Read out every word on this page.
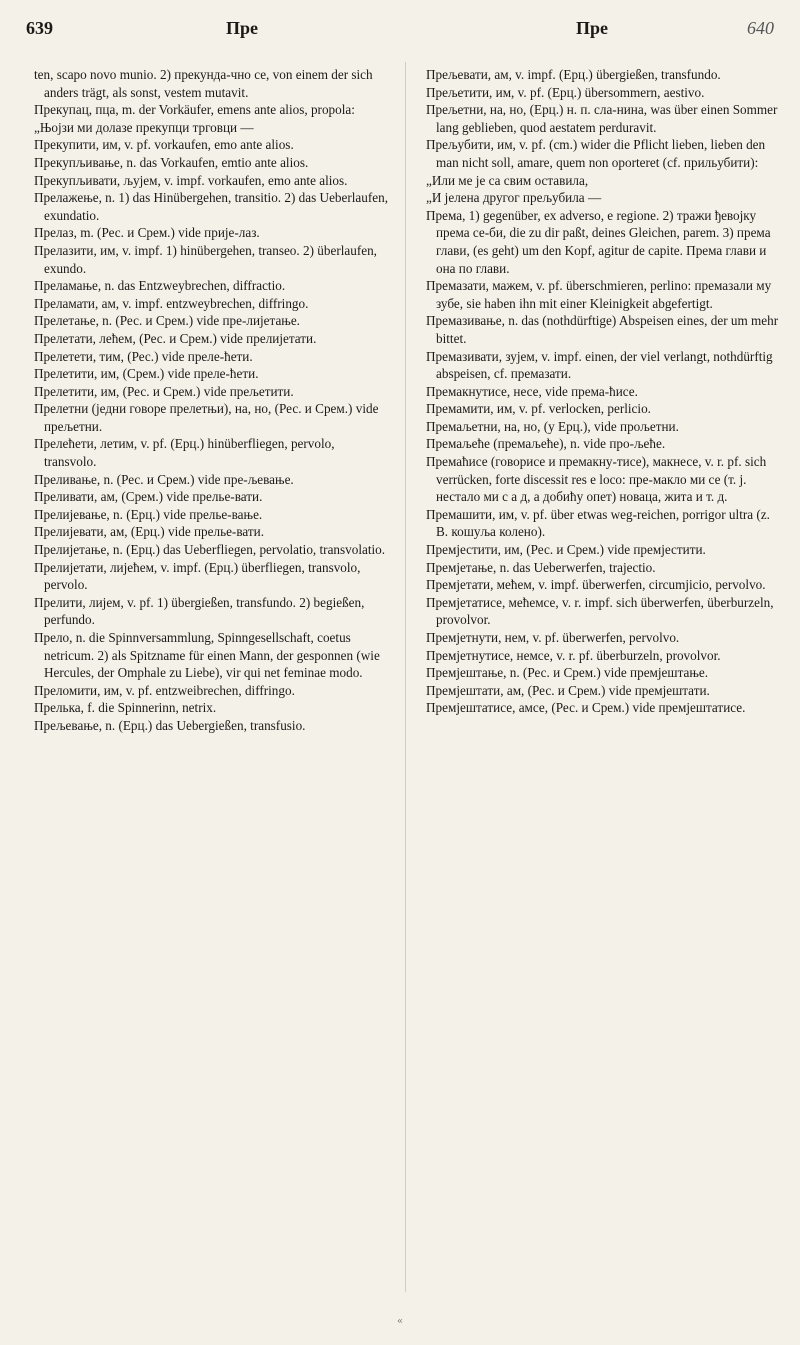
639	Пре	Пре	640

ten, scapo novo munio. 2) прекунда-чно се, von einem der sich anders trägt, als sonst, vestem mutavit.

Прекупац, пца, m. der Vorkäufer, emens ante alios, propola:

„Њојзи ми долазе прекупци трговци —

Прекупити, им, v. pf. vorkaufen, emo ante alios.

Прекупљивање, n. das Vorkaufen, emtio ante alios.

Прекупљивати, љујем, v. impf. vorkaufen, emo ante alios.

Прелажење, n. 1) das Hinübergehen, transitio. 2) das Ueberlaufen, exundatio.

Прелаз, m. (Рес. и Срем.) vide прије-лаз.

Прелазити, им, v. impf. 1) hinübergehen, transeo. 2) überlaufen, exundo.

Преламање, n. das Entzweybrechen, diffractio.

Преламати, ам, v. impf. entzweybrechen, diffringo.

Прелетање, n. (Рес. и Срем.) vide пре-лијетање.

Прелетати, лећем, (Рес. и Срем.) vide прелијетати.

Прелетети, тим, (Рес.) vide преле-ћети.

Прелетити, им, (Срем.) vide преле-ћети.

Прелетити, им, (Рес. и Срем.) vide прељетити.

Прелетни (једни говоре прелетњи), на, но, (Рес. и Срем.) vide прељетни.

Прелећети, летим, v. pf. (Ерц.) hinüberfliegen, pervolo, transvolo.

Преливање, n. (Рес. и Срем.) vide пре-љевање.

Преливати, ам, (Срем.) vide прелье-вати.

Прелијевање, n. (Ерц.) vide прелье-вање.

Прелијевати, ам, (Ерц.) vide прелье-вати.

Прелијетање, n. (Ерц.) das Ueberfliegen, pervolatio, transvolatio.

Прелијетати, лијећем, v. impf. (Ерц.) überfliegen, transvolo, pervolo.

Прелити, лијем, v. pf. 1) übergießen, transfundo. 2) begießen, perfundo.

Прело, n. die Spinnversammlung, Spinngesellschaft, coetus netricum. 2) als Spitzname für einen Mann, der gesponnen (wie Hercules, der Omphale zu Liebe), vir qui net feminae modo.

Преломити, им, v. pf. entzweibrechen, diffringo.

Прелька, f. die Spinnerinn, netrix.

Прељевање, n. (Ерц.) das Uebergießen, transfusio.

Прељевати, ам, v. impf. (Ерц.) übergießen, transfundo.

Прељетити, им, v. pf. (Ерц.) übersommern, aestivo.

Прељетни, на, но, (Ерц.) н. п. сла-нина, was über einen Sommer lang geblieben, quod aestatem perduravit.

Прељубити, им, v. pf. (cm.) wider die Pflicht lieben, lieben den man nicht soll, amare, quem non oporteret (cf. прильубити):

„Или ме је са свим оставила,

„И јелена другог прељубила —

Према, 1) gegenüber, ex adverso, e regione. 2) тражи ђевојку према се-би, die zu dir paßt, deines Gleichen, parem. 3) према глави, (es geht) um den Kopf, agitur de capite. Према глави и она по глави.

Премазати, мажем, v. pf. überschmieren, perlino: премазали му зубе, sie haben ihn mit einer Kleinigkeit abgefertigt.

Премазивање, n. das (nothdürftige) Abspeisen eines, der um mehr bittet.

Премазивати, зујем, v. impf. einen, der viel verlangt, nothdürftig abspeisen, cf. премазати.

Премакнутисе, несе, vide према-ћисе.

Премамити, им, v. pf. verlocken, perlicio.

Премаљетни, на, но, (у Ерц.), vide прољетни.

Премаљеће (премаљеће), n. vide про-љеће.

Премаћисе (говорисе и премакну-тисе), макнесе, v. r. pf. sich verrücken, forte discessit res e loco: пре-макло ми се (т. j. нестало ми с а д, а добићу опет) новаца, жита и т. д.

Премашити, им, v. pf. über etwas weg-reichen, porrigor ultra (z. B. кошуља колено).

Премјестити, им, (Рес. и Срем.) vide премјестити.

Премјетање, n. das Ueberwerfen, trajectio.

Премјетати, мећем, v. impf. überwerfen, circumjicio, pervolvo.

Премјетатисе, мећемсе, v. r. impf. sich überwerfen, überburzeln, provolvor.

Премјетнути, нем, v. pf. überwerfen, pervolvo.

Премјетнутисе, немсе, v. r. pf. überburzeln, provolvor.

Премјештање, n. (Рес. и Срем.) vide премјештање.

Премјештати, ам, (Рес. и Срем.) vide премјештати.

Премјештатисе, амсе, (Рес. и Срем.) vide премјештатисе.

«
